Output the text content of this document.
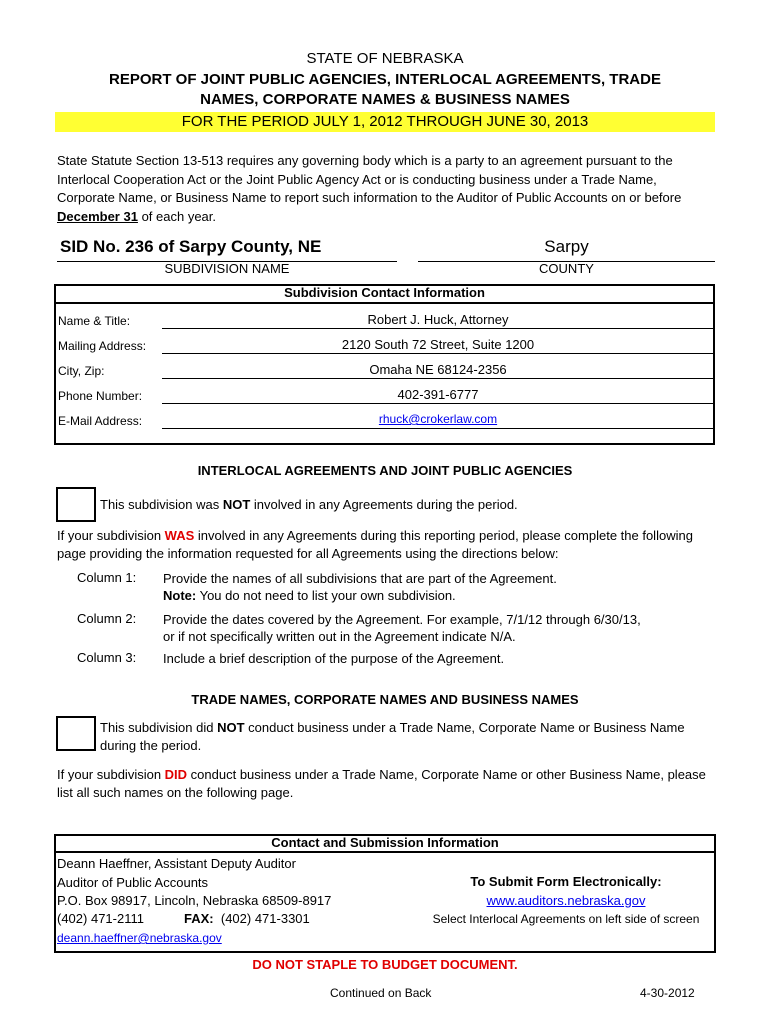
STATE OF NEBRASKA
REPORT OF JOINT PUBLIC AGENCIES, INTERLOCAL AGREEMENTS, TRADE
NAMES, CORPORATE NAMES & BUSINESS NAMES
FOR THE PERIOD JULY 1, 2012 THROUGH JUNE 30, 2013
State Statute Section 13-513 requires any governing body which is a party to an agreement pursuant to the Interlocal Cooperation Act or the Joint Public Agency Act or is conducting business under a Trade Name, Corporate Name, or Business Name to report such information to the Auditor of Public Accounts on or before December 31 of each year.
SID No. 236 of Sarpy County, NE
SUBDIVISION NAME
Sarpy
COUNTY
Subdivision Contact Information
Name & Title:	Robert J. Huck, Attorney
Mailing Address:	2120 South 72 Street, Suite 1200
City, Zip:	Omaha NE 68124-2356
Phone Number:	402-391-6777
E-Mail Address:	rhuck@crokerlaw.com
INTERLOCAL AGREEMENTS AND JOINT PUBLIC AGENCIES
This subdivision was NOT involved in any Agreements during the period.
If your subdivision WAS involved in any Agreements during this reporting period, please complete the following page providing the information requested for all Agreements using the directions below:
Column 1: Provide the names of all subdivisions that are part of the Agreement.
Note: You do not need to list your own subdivision.
Column 2: Provide the dates covered by the Agreement. For example, 7/1/12 through 6/30/13, or if not specifically written out in the Agreement indicate N/A.
Column 3: Include a brief description of the purpose of the Agreement.
TRADE NAMES, CORPORATE NAMES AND BUSINESS NAMES
This subdivision did NOT conduct business under a Trade Name, Corporate Name or Business Name during the period.
If your subdivision DID conduct business under a Trade Name, Corporate Name or other Business Name, please list all such names on the following page.
Contact and Submission Information
Deann Haeffner, Assistant Deputy Auditor
Auditor of Public Accounts
P.O. Box 98917, Lincoln, Nebraska 68509-8917
(402) 471-2111	FAX: (402) 471-3301
deann.haeffner@nebraska.gov
To Submit Form Electronically:
www.auditors.nebraska.gov
Select Interlocal Agreements on left side of screen
DO NOT STAPLE TO BUDGET DOCUMENT.
Continued on Back	4-30-2012
